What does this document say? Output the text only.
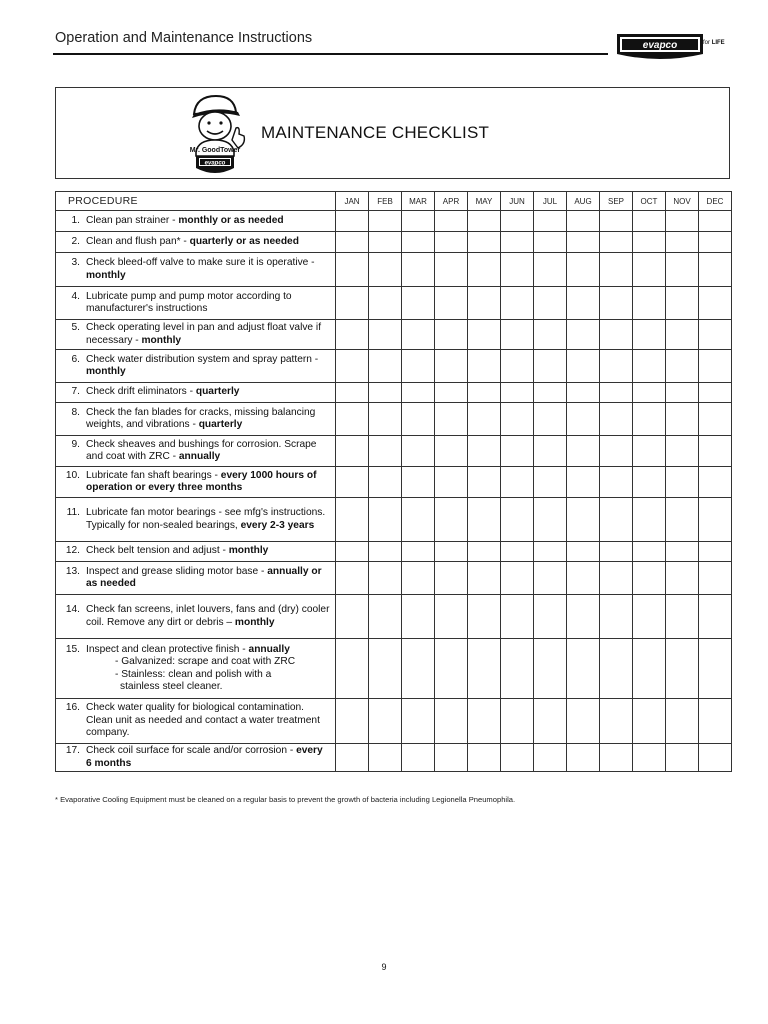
Operation and Maintenance Instructions	evapco	for LIFE
Mr. GoodTower
evapco
MAINTENANCE CHECKLIST
PROCEDURE	JAN	FEB	MAR	APR	MAY	JUN	JUL	AUG	SEP	OCT	NOV	DEC

1. Clean pan strainer - monthly or as needed												

2. Clean and flush pan* - quarterly or as needed												

3. Check bleed-off valve to make sure it is operative - monthly												

4. Lubricate pump and pump motor according to manufacturer's instructions												

5. Check operating level in pan and adjust float valve if necessary - monthly												

6. Check water distribution system and spray pattern - monthly												

7. Check drift eliminators - quarterly												

8. Check the fan blades for cracks, missing balancing weights, and vibrations - quarterly												

9. Check sheaves and bushings for corrosion. Scrape and coat with ZRC - annually												

10. Lubricate fan shaft bearings - every 1000 hours of operation or every three months												

11. Lubricate fan motor bearings - see mfg's instructions. Typically for non-sealed bearings, every 2-3 years												

12. Check belt tension and adjust - monthly												

13. Inspect and grease sliding motor base - annually or as needed												

14. Check fan screens, inlet louvers, fans and (dry) cooler coil. Remove any dirt or debris – monthly												

15. Inspect and clean protective finish - annually
- Galvanized: scrape and coat with ZRC
- Stainless: clean and polish with a
stainless steel cleaner.												

16. Check water quality for biological contamination. Clean unit as needed and contact a water treatment company.												

17. Check coil surface for scale and/or corrosion - every 6 months												
* Evaporative Cooling Equipment must be cleaned on a regular basis to prevent the growth of bacteria including Legionella Pneumophila.
9
